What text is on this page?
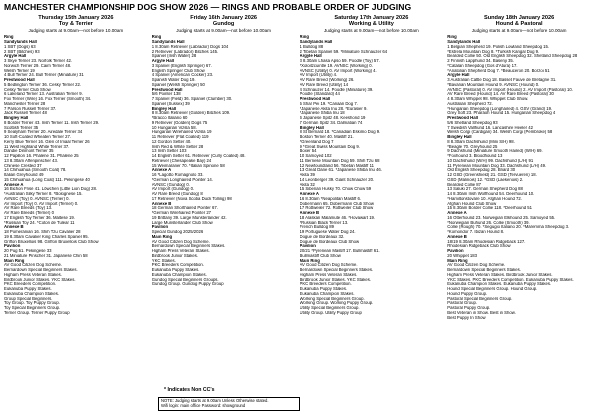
MANCHESTER CHAMPIONSHIP DOG SHOW 2026 — RINGS AND PROBABLE ORDER OF JUDGING
Thursday 15th January 2026
Toy & Terrier
Judging starts at 9.00am—not before 10.00am
Ring
Sandylands Hall
1 SBT (Dogs) 63
2 SBT (Bitches) 93
Argyle Hall
3 Skye Terrier 23. Norfolk Terrier 42.
Norwich Terrier 29. Cairn Terrier 48.
Welsh Terrier 19
4 Bull Terrier 24. Bull Terrier (Miniature) 31
Prestwood Hall
5 Bedlington Terrier 36. Cesky Terrier 22.
Cesky Terrier Club Show
6 Lakeland Terrier 13. Australian Terrier 9.
Fox Terrier (Wire) 16. Fox Terrier (Smooth) 34.
Manchester Terrier 28
7 Parson Russell Terrier 37.
Jack Russell Terrier 48
Bingley Hall
8 Border Terrier 43. Irish Terrier 11. Irish Terrier 29.
Scottish Terrier 35
9 Sealyham Terrier 20. Airedale Terrier 34
10 Soft-Coated Wheaten Terrier 27.
Kerry Blue Terrier 16. Glen of Imaal Terrier 26
11 West Highland White Terrier 37.
Dandie Dinmont Terrier 35
12 Papillon 16. Phalène 31. Phalène 25
13 8.30am Affenpinscher 43.
Chinese Crested 37
14 Chihuahua (Smooth Coat) 78.
Italian Greyhound 49
15 Chihuahua (Long Coat) 111. Pekingese 40
Annexe A
16 Bichon Frisé 41. Löwchen (Little Lion Dog) 28.
*Australian Silky Terrier 8. *Bolognese 15.
AVNSC (Toy) 0. AVNSC (Terrier) 0.
AV Import (Toy) 0. AV Import (Terrier) 0.
AV Rare Breeds (Toy) 13.
AV Rare Breeds (Terrier) 0
17 English Toy Terrier 36. Maltese 19.
*Russian Toy 24. *Coton de Tuléar 11
Annexe B
18 Pomeranian 16. Shih Tzu Cavalier 28
19 8.30am Cavalier King Charles Spaniel 95.
Griffon Bruxellois 98. Griffon Bruxellois Club Show
Pavilion
20 Pug 51. Pekingese 33
21 Miniature Pinscher 31. Japanese Chin 58
Main Ring
AV Good Citizen Dog Scheme.
Bernardown Special Beginners Stakes.
Higham Press Veteran Stakes.
Birdbrook Junior Stakes. YKC Stakes.
PKC Breeders Competition.
Eukanuba Puppy Stakes.
Eukanuba Champion Stakes.
Group Special Beginners.
Toy Group. Toy Puppy Group.
Toy Special Beginners Group.
Terrier Group. Terrier Puppy Group
Friday 16th January 2026
Gundog
Judging starts at 9.00am—not before 10.00am
Ring
Sandylands Hall
1 8.30am Retriever (Labrador) Dogs 104
2 Retriever (Labrador) Bitches 145.
Spaniel (Irish Water) 28
Argyle Hall
3 Spaniel (English Springer) 67.
English Springer Club Show
4 Spaniel (American Cocker) 23.
Spanish Water Dog 19.
Spaniel (Welsh Springer) 50
Prestwood Hall
5/6 Pointer 138
7 Spaniel (Field) 36. Spaniel (Clumber) 30.
Spaniel (Sussex) 39
Bingley Hall
8 8.30am Retriever (Golden) Bitches 109.
*Bracco Italiano 60
9 Retriever (Golden) Dogs 75
10 Hungarian Vizsla 58.
Hungarian Wirehaired Vizsla 19
11 Retriever (Flat Coated) 119
12 Gordon Setter 40.
Irish Red & White Setter 28
13 Irish Setter 103
14 English Setter 61. Retriever (Curly Coated) 48.
Retriever (Chesapeake Bay) 24
15 Weimaraner 70. *Italian Spinone 58
Annexe A
16 *Lagotto Romagnolo 33.
*German Longhaired Pointer 14.
AVNSC (Gundog) 0.
AV Import (Gundog) 0.
AV Rare Breed (Gundog) 8
17 Retriever (Nova Scotia Duck Tolling) 98
Annexe B
18 German Shorthaired Pointer 67.
*German Wirehaired Pointer 27
19 Brittany 39. Large Munsterlander 42.
Large Munsterlander Club Show
Pavilion
Special Gundog 2025/2026
Main Ring
AV Good Citizen Dog Scheme.
Bernardown Special Beginners Stakes.
Higham Press Veteran Stakes.
Birdbrook Junior Stakes.
YKC Stakes.
PKC Breeders Competition.
Eukanuba Puppy Stakes.
Eukanuba Champion Stakes.
Gundog Special Beginners Groups.
Gundog Group. Gundog Puppy Group
Saturday 17th January 2026
Working & Utility
Judging starts at 9.00am—not before 10.00am
Ring
Sandylands Hall
1 Bulldog 88
2 Tibetan Spaniel 59. *Miniature Schnauzer 64
Argyle Hall
3 8.30am Lhasa Apso 59. Poodle (Toy) 57.
*Xoloitzcuintle 19. AVNSC (Working) 0.
AVNSC (Utility) 0. AV Import (Working) 4.
AV Import (Utility) 4.
AV Rare Breed (Working) 26.
AV Rare Breed (Utility) 14
4 Schnauzer 14. Poodle (Miniature) 39.
Poodle (Standard) 44
Prestwood Hall
5 Shar Pei 19. *Canaan Dog 7.
*Japanese Akita Inu 28. *Eurasier 9.
*Japanese Shiba Inu 18
6 Japanese Spitz 48. Keeshond 19
7 German Spitz 34. Dalmatian 74
Bingley Hall
8 St Bernard 18. *Canadian Eskimo Dog 9.
Boston Terrier 40. Mastiff 21.
*Greenland Dog 7
9 *Great Swiss Mountain Dog 9.
Boxer 54
10 Samoyed 102
11 Bernese Mountain Dog 59. Shih Tzu 68
12 Newfoundland 56. Tibetan Mastiff 11
13 Great Dane 61. *Japanese Shiba Inu 46.
Akita 39
14 Leonberger 39. Giant Schnauzer 20.
Akita 32
15 Siberian Husky 70. Chow Chow 59
Annexe A
16 8.30am *Neapolitan Mastiff 6.
Dobermann 65. Dobermann Club Show
17 Rottweiler 72. Rottweiler Club Show
Annexe B
18 Alaskan Malamute 46. *Hovawart 19.
*Russian Black Terrier 13.
French Bulldog 89
19 Portuguese Water Dog 24.
Dogue de Bordeaux 32.
Dogue de Bordeaux Club Show
Pavilion
20/21 *Pyrenean Mastiff 17. Bullmastiff 61.
Bullmastiff Club Show
Main Ring
AV Good Citizen Dog Scheme.
Bernardown Special Beginners Stakes.
Higham Press Veteran Stakes.
Birdbrook Junior Stakes. YKC Stakes.
PKC Breeders Competition.
Eukanuba Puppy Stakes.
Eukanuba Champion Stakes.
Working Special Beginners Group.
Working Group. Working Puppy Group.
Utility Special Beginners Group.
Utility Group. Utility Puppy Group
Sunday 18th January 2026
Hound & Pastoral
Judging starts at 9.00am—not before 10.00am
Ring
Sandylands Hall
1 Belgian Shepherd 19. Polish Lowland Sheepdog 15.
*Estrela Mountain Dog 8. *Turkish Kangal Dog 9.
Bearded Collie 50. Old English Sheepdog 32. Shetland Sheepdog 28
2 Finnish Lapphund 34. Basenji 35.
*Catalan Sheepdog (Gos d'Atura) 17.
*Anatolian Shepherd Dog 7. *Beauceron 20. Borzoi 51
Argyle Hall
3 Australian Cattle Dog 18. Basset Fauve de Bretagne 31.
*Bavarian Mountain Hound 9. AVNSC (Hound) 0.
AVNSC (Pastoral) 0. AV Import (Hound) 2. AV Import (Pastoral) 10.
AV Rare Breed (Hound) 14. AV Rare Breed (Pastoral) 30
4 8.30am Whippet 98. Whippet Club Show.
Australian Shepherd 72.
*Hungarian Sheepdog (Longhaired) 4. GSV (Grand) 19.
Grey Soft 23. Pharaoh Hound 15. Hungarian Sheepdog 4
Prestwood Hall
5/6 Shetland Sheepdog 93
7 Swedish Vallhund 16. Lancashire Heeler 42
Welsh Corgi (Cardigan) 34. Welsh Corgi (Pembroke) 58
Bingley Hall
8 8.30am Dachshund (Mini S/H) 98.
*Beagle 70. Greyhound 25
9 Dachshund (Miniature Smooth Haired) (W/H) 69.
*Foxhound 3. Bloodhound 13
10 Dachshund (W/H) 99. Dachshund (L/H) 91
11 Pyrenean Mountain Dog 33. Dachshund (L/H) 49.
Old English Sheepdog 28. Briard 30
12 GSD (Greenshield) 21. GSD (Tervueren) 18.
GSD (Malinois) 12. *GSD (Laekenois) 2.
Bearded Collie 87
13 Saluki 27. German Shepherd Dog 88
14 8.30am Irish Wolfhound 54. Deerhound 10.
*Hamiltonstovare 10. Afghan Hound 72.
Afghan Hound Club Show
15 8.30am Border Collie 118. *Deerhound 51
Annexe A
16 Otterhound 23. Norwegian Elkhound 25. Samoyed 55.
*Norwegian Buhund 26. Collie (Smooth) 39.
Collie (Rough) 70. *Segugio Italiano 20. *Maremma Sheepdog 3.
*Komondor 7. Ibizan Hound 8.
Annexe B
18/19 8.30am Rhodesian Ridgeback 127.
Rhodesian Ridgeback Club Show
Pavilion
20 Whippet 183
Main Ring
AV Good Citizen Dog Scheme.
Bernardown Special Beginners Stakes.
Higham Press Veteran Stakes. Birdbrook Junior Stakes.
YKC Stakes. PKC Breeders Competition. Eukanuba Puppy Stakes.
Eukanuba Champion Stakes. Eukanuba Puppy Stakes.
Hound Special Beginners Group. Hound Group.
Hound Puppy Group.
Pastoral Special Beginners Group.
Pastoral Group.
Pastoral Puppy Group.
Best Veteran in Show. Best in Show.
Best Puppy In Show
* Indicates Non CC's
NOTE: Judging starts at 9.00am Unless Otherwise stated.
Wifi login: main office Password: showground
